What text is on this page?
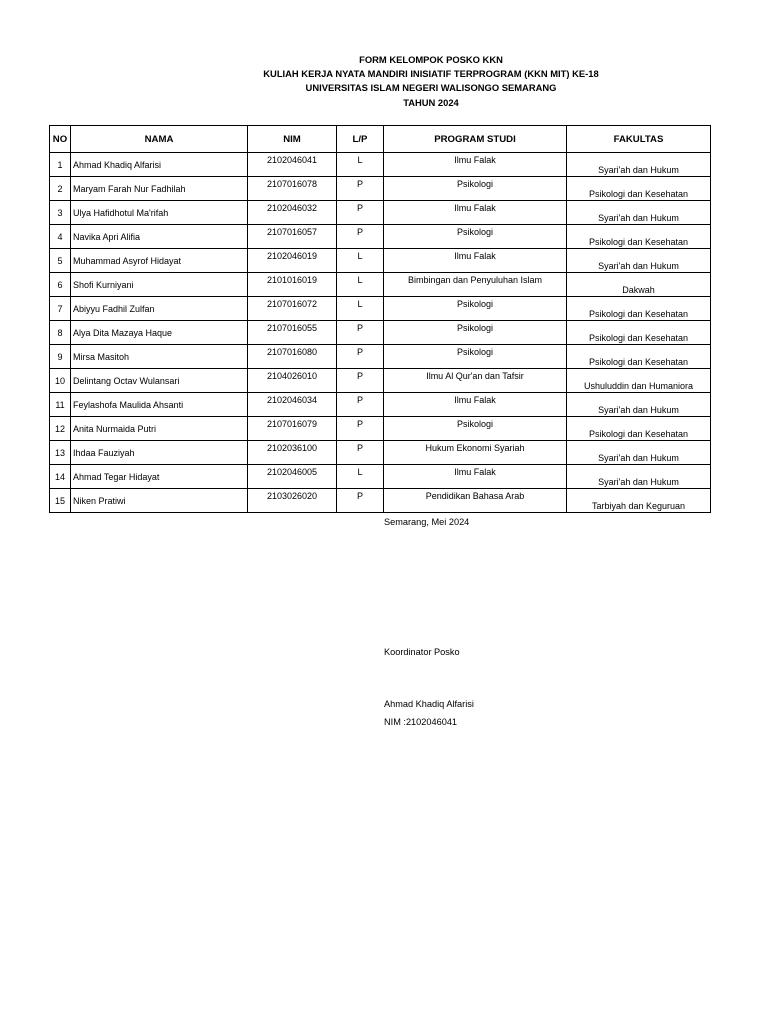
FORM KELOMPOK POSKO KKN
KULIAH KERJA NYATA MANDIRI INISIATIF TERPROGRAM (KKN MIT) KE-18
UNIVERSITAS ISLAM NEGERI WALISONGO SEMARANG
TAHUN 2024
NO	NAMA	NIM	L/P	PROGRAM STUDI	FAKULTAS
1	Ahmad Khadiq Alfarisi	2102046041	L	Ilmu Falak	Syari'ah dan Hukum
2	Maryam Farah Nur Fadhilah	2107016078	P	Psikologi	Psikologi dan Kesehatan
3	Ulya Hafidhotul Ma'rifah	2102046032	P	Ilmu Falak	Syari'ah dan Hukum
4	Navika Apri Alifia	2107016057	P	Psikologi	Psikologi dan Kesehatan
5	Muhammad Asyrof Hidayat	2102046019	L	Ilmu Falak	Syari'ah dan Hukum
6	Shofi Kurniyani	2101016019	L	Bimbingan dan Penyuluhan Islam	Dakwah
7	Abiyyu Fadhil Zulfan	2107016072	L	Psikologi	Psikologi dan Kesehatan
8	Alya Dita Mazaya Haque	2107016055	P	Psikologi	Psikologi dan Kesehatan
9	Mirsa Masitoh	2107016080	P	Psikologi	Psikologi dan Kesehatan
10	Delintang Octav Wulansari	2104026010	P	Ilmu Al Qur'an dan Tafsir	Ushuluddin dan Humaniora
11	Feylashofa Maulida Ahsanti	2102046034	P	Ilmu Falak	Syari'ah dan Hukum
12	Anita Nurmaida Putri	2107016079	P	Psikologi	Psikologi dan Kesehatan
13	Ihdaa Fauziyah	2102036100	P	Hukum Ekonomi Syariah	Syari'ah dan Hukum
14	Ahmad Tegar Hidayat	2102046005	L	Ilmu Falak	Syari'ah dan Hukum
15	Niken Pratiwi	2103026020	P	Pendidikan Bahasa Arab	Tarbiyah dan Keguruan
Semarang, Mei 2024
Koordinator Posko
Ahmad Khadiq Alfarisi
NIM :2102046041
